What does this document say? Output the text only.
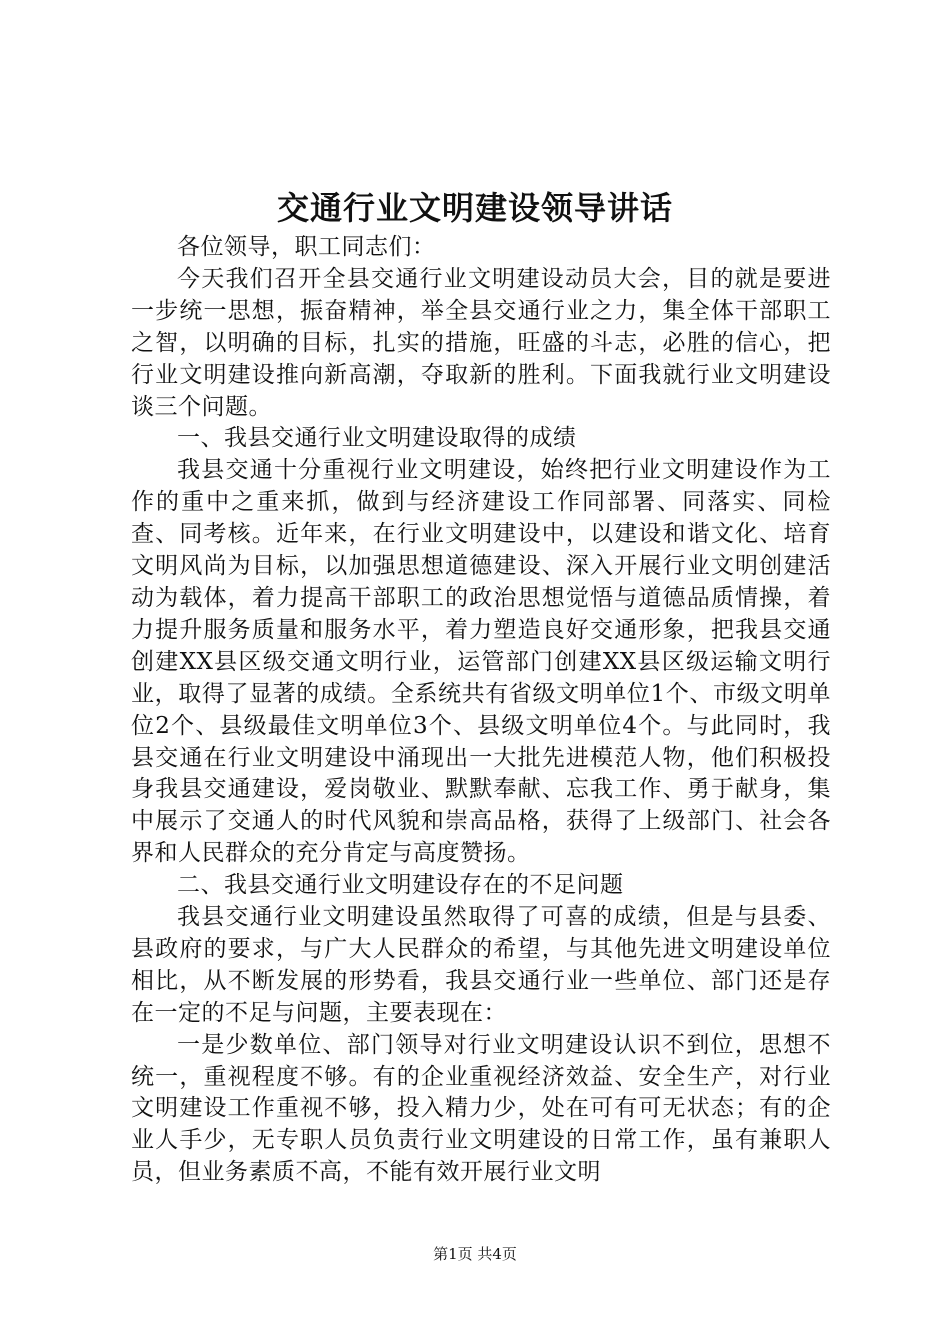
交通行业文明建设领导讲话

各位领导，职工同志们：

今天我们召开全县交通行业文明建设动员大会，目的就是要进一步统一思想，振奋精神，举全县交通行业之力，集全体干部职工之智，以明确的目标，扎实的措施，旺盛的斗志，必胜的信心，把行业文明建设推向新高潮，夺取新的胜利。下面我就行业文明建设谈三个问题。

一、我县交通行业文明建设取得的成绩

我县交通十分重视行业文明建设，始终把行业文明建设作为工作的重中之重来抓，做到与经济建设工作同部署、同落实、同检查、同考核。近年来，在行业文明建设中，以建设和谐文化、培育文明风尚为目标，以加强思想道德建设、深入开展行业文明创建活动为载体，着力提高干部职工的政治思想觉悟与道德品质情操，着力提升服务质量和服务水平，着力塑造良好交通形象，把我县交通创建XX县区级交通文明行业，运管部门创建XX县区级运输文明行业，取得了显著的成绩。全系统共有省级文明单位1个、市级文明单位2个、县级最佳文明单位3个、县级文明单位4个。与此同时，我县交通在行业文明建设中涌现出一大批先进模范人物，他们积极投身我县交通建设，爱岗敬业、默默奉献、忘我工作、勇于献身，集中展示了交通人的时代风貌和崇高品格，获得了上级部门、社会各界和人民群众的充分肯定与高度赞扬。

二、我县交通行业文明建设存在的不足问题

我县交通行业文明建设虽然取得了可喜的成绩，但是与县委、县政府的要求，与广大人民群众的希望，与其他先进文明建设单位相比，从不断发展的形势看，我县交通行业一些单位、部门还是存在一定的不足与问题，主要表现在：

一是少数单位、部门领导对行业文明建设认识不到位，思想不统一，重视程度不够。有的企业重视经济效益、安全生产，对行业文明建设工作重视不够，投入精力少，处在可有可无状态；有的企业人手少，无专职人员负责行业文明建设的日常工作，虽有兼职人员，但业务素质不高，不能有效开展行业文明

第1页 共4页
